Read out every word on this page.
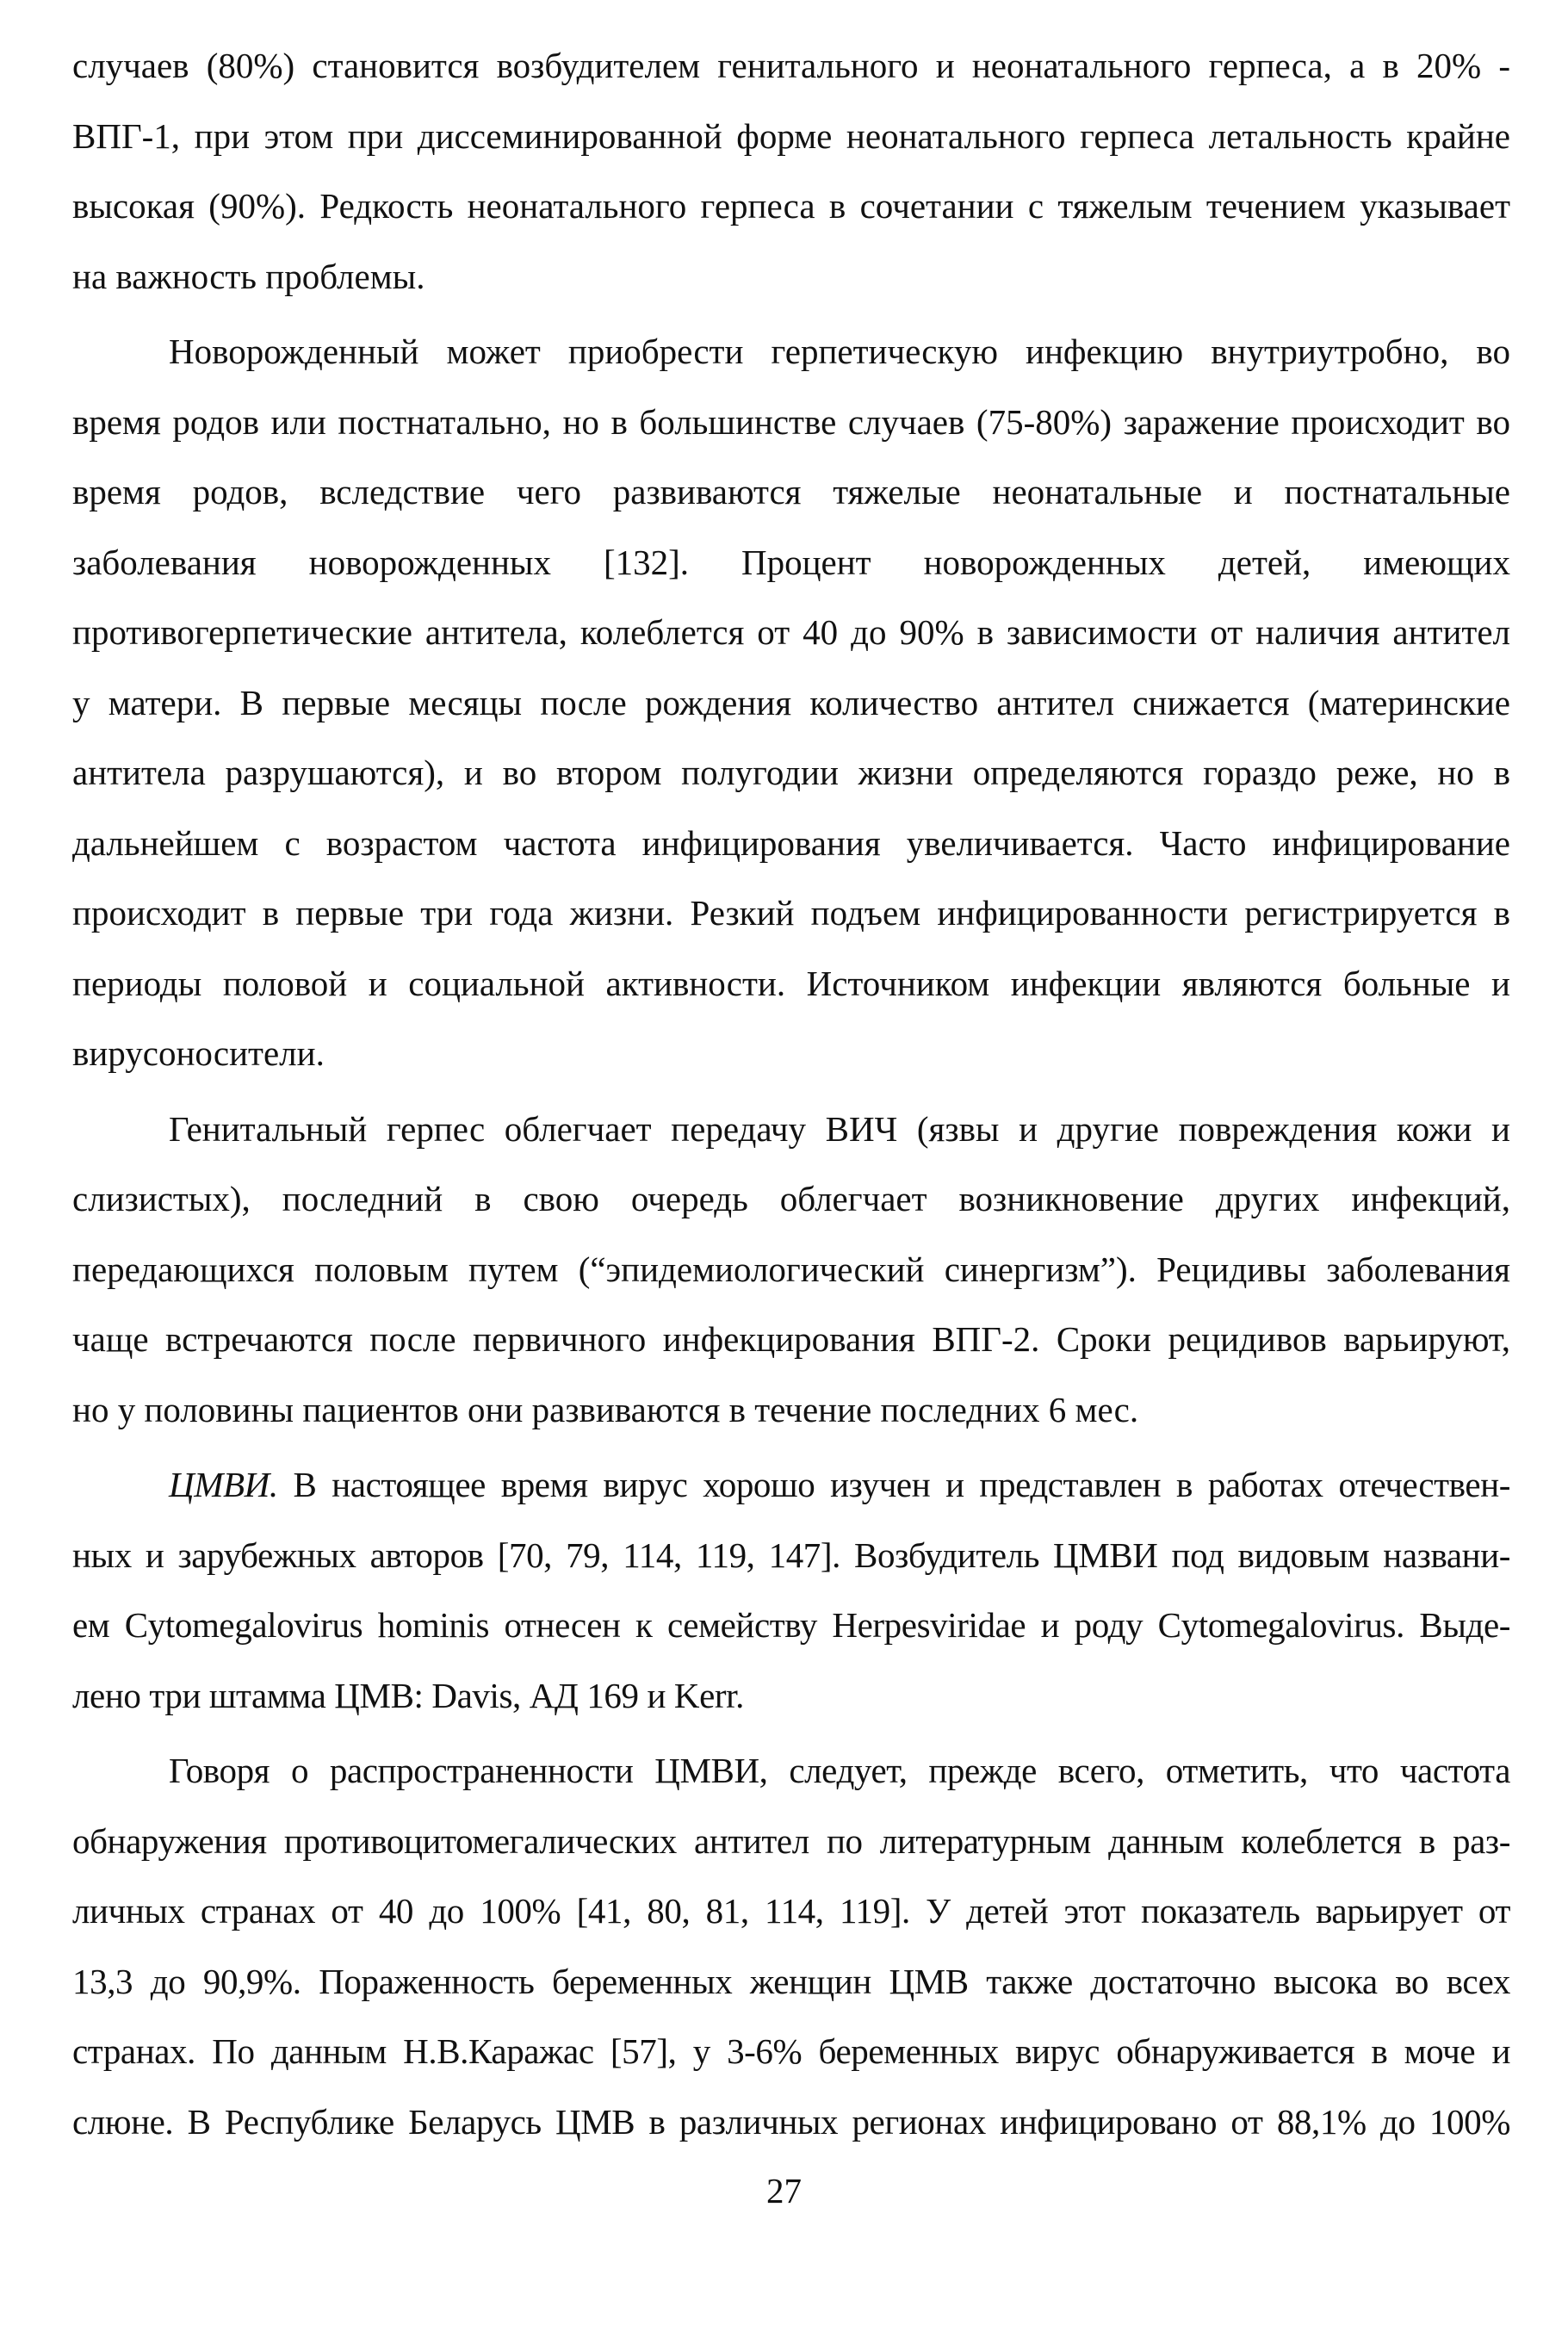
случаев (80%) становится возбудителем генитального и неонатального герпеса, а в 20% -
ВПГ-1, при этом при диссеминированной форме неонатального герпеса летальность крайне
высокая (90%). Редкость неонатального герпеса в сочетании с тяжелым течением указывает
на важность проблемы.
Новорожденный может приобрести герпетическую инфекцию внутриутробно, во
время родов или постнатально, но в большинстве случаев (75-80%) заражение происходит во
время родов, вследствие чего развиваются тяжелые неонатальные и постнатальные
заболевания новорожденных [132]. Процент новорожденных детей, имеющих
противогерпетические антитела, колеблется от 40 до 90% в зависимости от наличия антител
у матери. В первые месяцы после рождения количество антител снижается (материнские
антитела разрушаются), и во втором полугодии жизни определяются гораздо реже, но в
дальнейшем с возрастом частота инфицирования увеличивается. Часто инфицирование
происходит в первые три года жизни. Резкий подъем инфицированности регистрируется в
периоды половой и социальной активности. Источником инфекции являются больные и
вирусоносители.
Генитальный герпес облегчает передачу ВИЧ (язвы и другие повреждения кожи и
слизистых), последний в свою очередь облегчает возникновение других инфекций,
передающихся половым путем (“эпидемиологический синергизм”). Рецидивы заболевания
чаще встречаются после первичного инфекцирования ВПГ-2. Сроки рецидивов варьируют,
но у половины пациентов они развиваются в течение последних 6 мес.
ЦМВИ. В настоящее время вирус хорошо изучен и представлен в работах отечествен-
ных и зарубежных авторов [70, 79, 114, 119, 147]. Возбудитель ЦМВИ под видовым названи-
ем Cytomegalovirus hominis отнесен к семейству Herpesviridae и роду Cytomegalovirus. Выде-
лено три штамма ЦМВ: Davis, АД 169 и Kerr.
Говоря о распространенности ЦМВИ, следует, прежде всего, отметить, что частота
обнаружения противоцитомегалических антител по литературным данным колеблется в раз-
личных странах от 40 до 100% [41, 80, 81, 114, 119]. У детей этот показатель варьирует от
13,3 до 90,9%. Пораженность беременных женщин ЦМВ также достаточно высока во всех
странах. По данным Н.В.Каражас [57], у 3-6% беременных вирус обнаруживается в моче и
слюне. В Республике Беларусь ЦМВ в различных регионах инфицировано от 88,1% до 100%
27
